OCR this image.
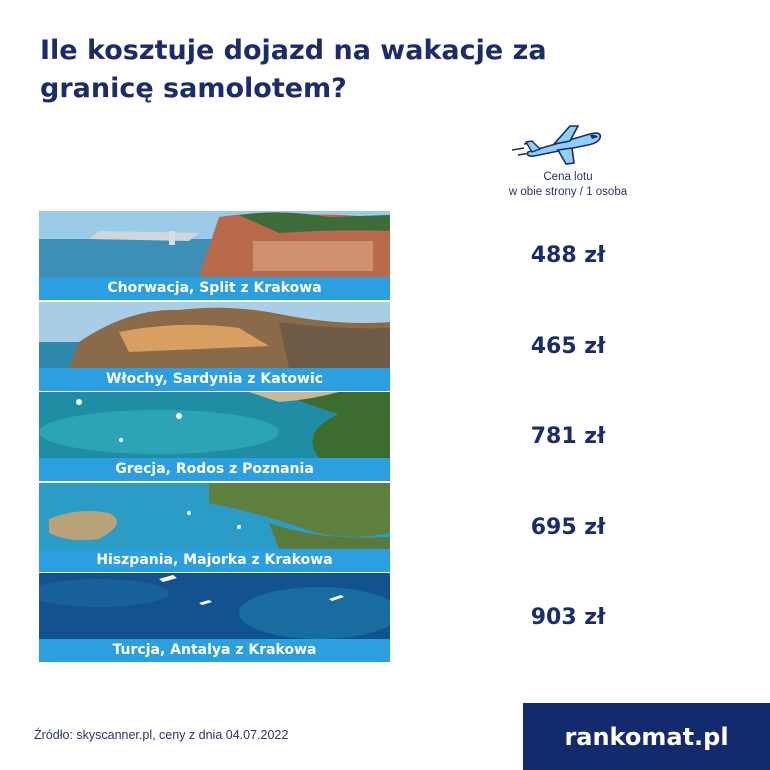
Ile kosztuje dojazd na wakacje za granicę samolotem?
Cena lotu
w obie strony / 1 osoba
Chorwacja, Split z Krakowa
Włochy, Sardynia z Katowic
Grecja, Rodos z Poznania
Hiszpania, Majorka z Krakowa
Turcja, Antalya z Krakowa
488 zł
465 zł
781 zł
695 zł
903 zł
Źródło: skyscanner.pl, ceny z dnia 04.07.2022	rankomat.pl
